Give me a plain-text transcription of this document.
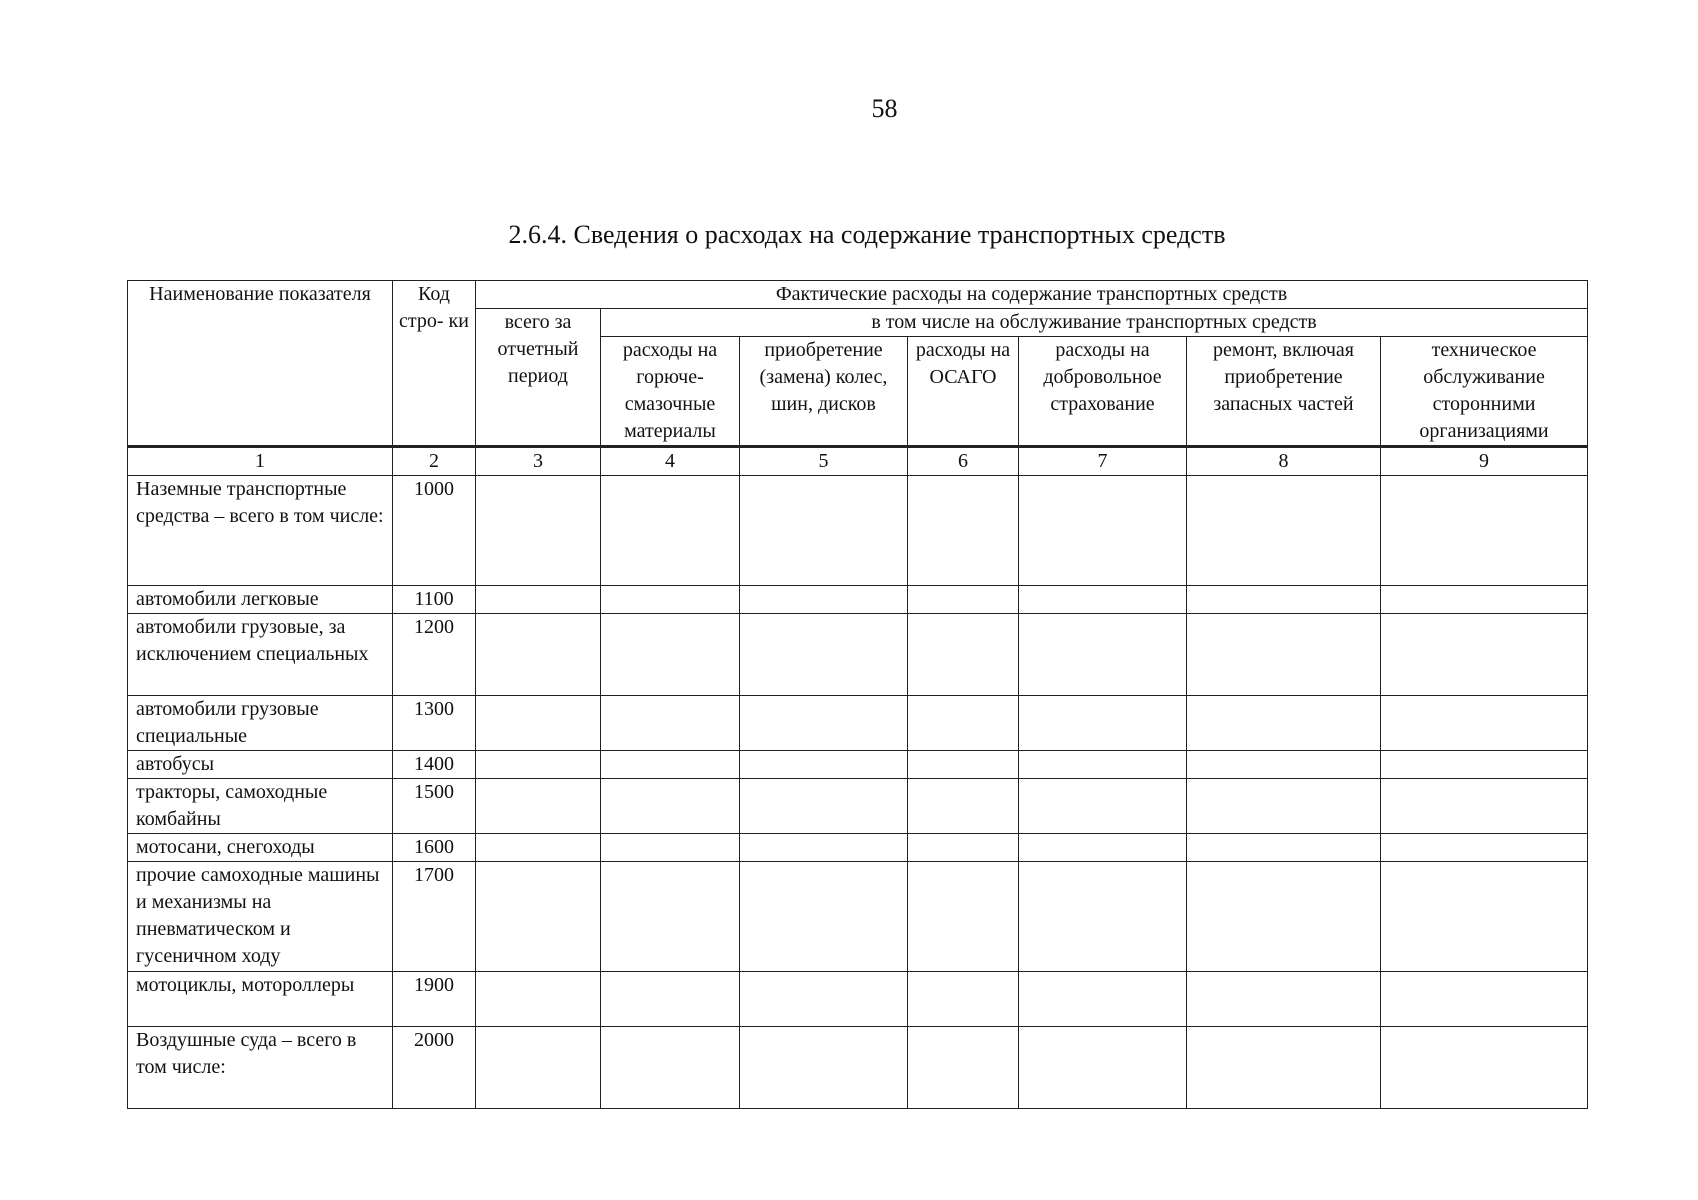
58
2.6.4. Сведения о расходах на содержание транспортных средств
Наименование показателя	Код стро- ки	Фактические расходы на содержание транспортных средств						
		всего за отчетный период	в том числе на обслуживание транспортных средств					
			расходы на горюче- смазочные материалы	приобретение (замена) колес, шин, дисков	расходы на ОСАГО	расходы на добровольное страхование	ремонт, включая приобретение запасных частей	техническое обслуживание сторонними организациями
1	2	3	4	5	6	7	8	9
Наземные транспортные средства – всего в том числе:	1000							
автомобили легковые	1100							
автомобили грузовые, за исключением специальных	1200							
автомобили грузовые специальные	1300							
автобусы	1400							
тракторы, самоходные комбайны	1500							
мотосани, снегоходы	1600							
прочие самоходные машины и механизмы на пневматическом и гусеничном ходу	1700							
мотоциклы, мотороллеры	1900							
Воздушные суда – всего в том числе:	2000							
